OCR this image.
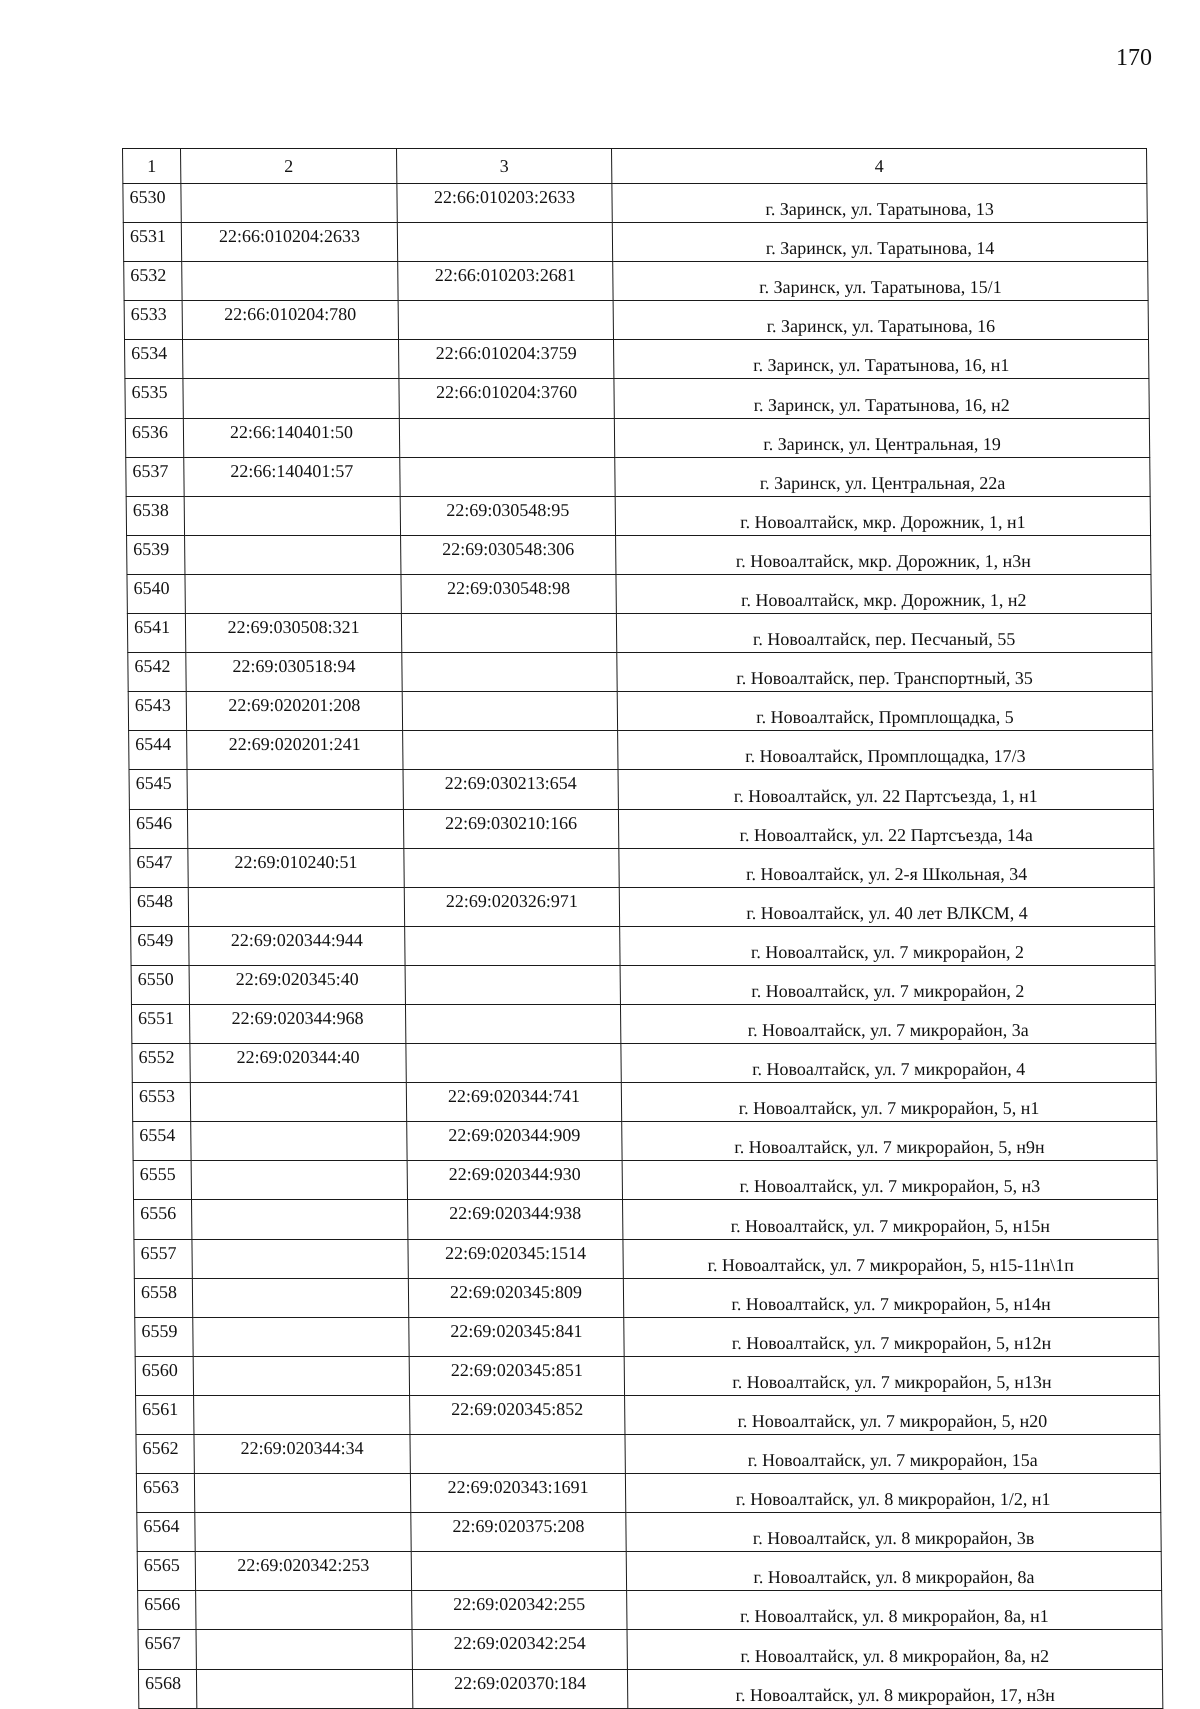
170
1	2	3	4
6530		22:66:010203:2633	г. Заринск, ул. Таратынова, 13
6531	22:66:010204:2633		г. Заринск, ул. Таратынова, 14
6532		22:66:010203:2681	г. Заринск, ул. Таратынова, 15/1
6533	22:66:010204:780		г. Заринск, ул. Таратынова, 16
6534		22:66:010204:3759	г. Заринск, ул. Таратынова, 16, н1
6535		22:66:010204:3760	г. Заринск, ул. Таратынова, 16, н2
6536	22:66:140401:50		г. Заринск, ул. Центральная, 19
6537	22:66:140401:57		г. Заринск, ул. Центральная, 22а
6538		22:69:030548:95	г. Новоалтайск, мкр. Дорожник, 1, н1
6539		22:69:030548:306	г. Новоалтайск, мкр. Дорожник, 1, н3н
6540		22:69:030548:98	г. Новоалтайск, мкр. Дорожник, 1, н2
6541	22:69:030508:321		г. Новоалтайск, пер. Песчаный, 55
6542	22:69:030518:94		г. Новоалтайск, пер. Транспортный, 35
6543	22:69:020201:208		г. Новоалтайск, Промплощадка, 5
6544	22:69:020201:241		г. Новоалтайск, Промплощадка, 17/3
6545		22:69:030213:654	г. Новоалтайск, ул. 22 Партсъезда, 1, н1
6546		22:69:030210:166	г. Новоалтайск, ул. 22 Партсъезда, 14а
6547	22:69:010240:51		г. Новоалтайск, ул. 2-я Школьная, 34
6548		22:69:020326:971	г. Новоалтайск, ул. 40 лет ВЛКСМ, 4
6549	22:69:020344:944		г. Новоалтайск, ул. 7 микрорайон, 2
6550	22:69:020345:40		г. Новоалтайск, ул. 7 микрорайон, 2
6551	22:69:020344:968		г. Новоалтайск, ул. 7 микрорайон, 3а
6552	22:69:020344:40		г. Новоалтайск, ул. 7 микрорайон, 4
6553		22:69:020344:741	г. Новоалтайск, ул. 7 микрорайон, 5, н1
6554		22:69:020344:909	г. Новоалтайск, ул. 7 микрорайон, 5, н9н
6555		22:69:020344:930	г. Новоалтайск, ул. 7 микрорайон, 5, н3
6556		22:69:020344:938	г. Новоалтайск, ул. 7 микрорайон, 5, н15н
6557		22:69:020345:1514	г. Новоалтайск, ул. 7 микрорайон, 5, н15-11н\1п
6558		22:69:020345:809	г. Новоалтайск, ул. 7 микрорайон, 5, н14н
6559		22:69:020345:841	г. Новоалтайск, ул. 7 микрорайон, 5, н12н
6560		22:69:020345:851	г. Новоалтайск, ул. 7 микрорайон, 5, н13н
6561		22:69:020345:852	г. Новоалтайск, ул. 7 микрорайон, 5, н20
6562	22:69:020344:34		г. Новоалтайск, ул. 7 микрорайон, 15а
6563		22:69:020343:1691	г. Новоалтайск, ул. 8 микрорайон, 1/2, н1
6564		22:69:020375:208	г. Новоалтайск, ул. 8 микрорайон, 3в
6565	22:69:020342:253		г. Новоалтайск, ул. 8 микрорайон, 8а
6566		22:69:020342:255	г. Новоалтайск, ул. 8 микрорайон, 8а, н1
6567		22:69:020342:254	г. Новоалтайск, ул. 8 микрорайон, 8а, н2
6568		22:69:020370:184	г. Новоалтайск, ул. 8 микрорайон, 17, н3н
